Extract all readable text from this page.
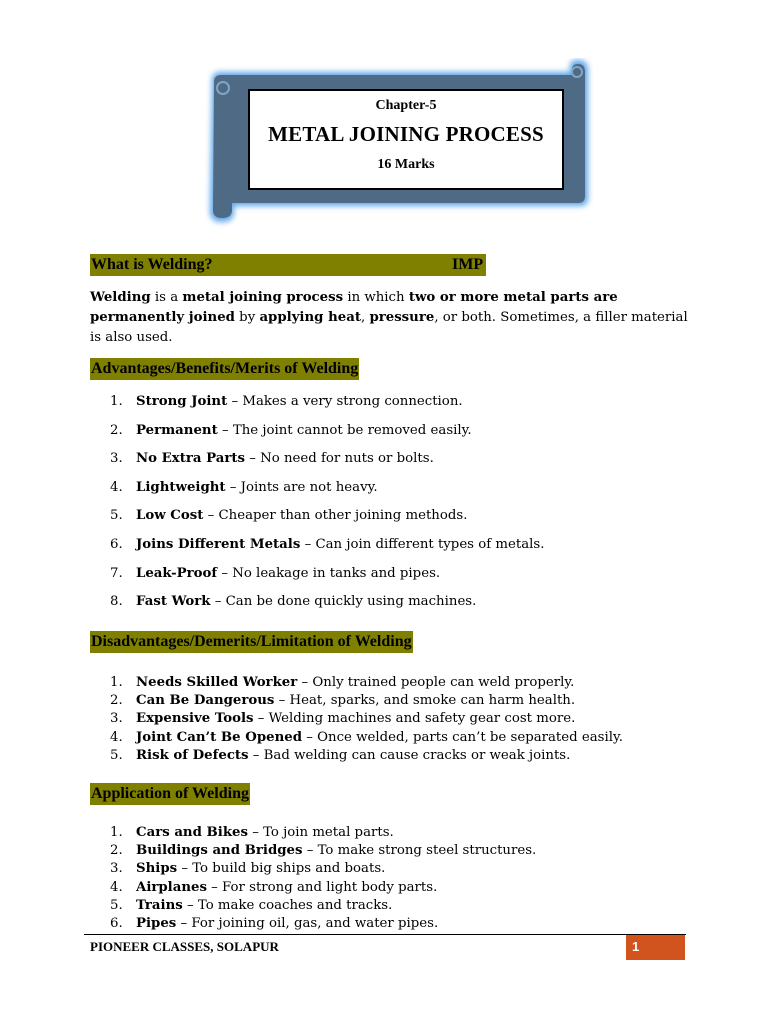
Chapter-5
METAL JOINING PROCESS
16 Marks
What is Welding?	IMP
Welding is a metal joining process in which two or more metal parts are permanently joined by applying heat, pressure, or both. Sometimes, a filler material is also used.
Advantages/Benefits/Merits of Welding
1. Strong Joint – Makes a very strong connection.
2. Permanent – The joint cannot be removed easily.
3. No Extra Parts – No need for nuts or bolts.
4. Lightweight – Joints are not heavy.
5. Low Cost – Cheaper than other joining methods.
6. Joins Different Metals – Can join different types of metals.
7. Leak-Proof – No leakage in tanks and pipes.
8. Fast Work – Can be done quickly using machines.
Disadvantages/Demerits/Limitation of Welding
1. Needs Skilled Worker – Only trained people can weld properly.
2. Can Be Dangerous – Heat, sparks, and smoke can harm health.
3. Expensive Tools – Welding machines and safety gear cost more.
4. Joint Can’t Be Opened – Once welded, parts can’t be separated easily.
5. Risk of Defects – Bad welding can cause cracks or weak joints.
Application of Welding
1. Cars and Bikes – To join metal parts.
2. Buildings and Bridges – To make strong steel structures.
3. Ships – To build big ships and boats.
4. Airplanes – For strong and light body parts.
5. Trains – To make coaches and tracks.
6. Pipes – For joining oil, gas, and water pipes.
PIONEER CLASSES, SOLAPUR	1
